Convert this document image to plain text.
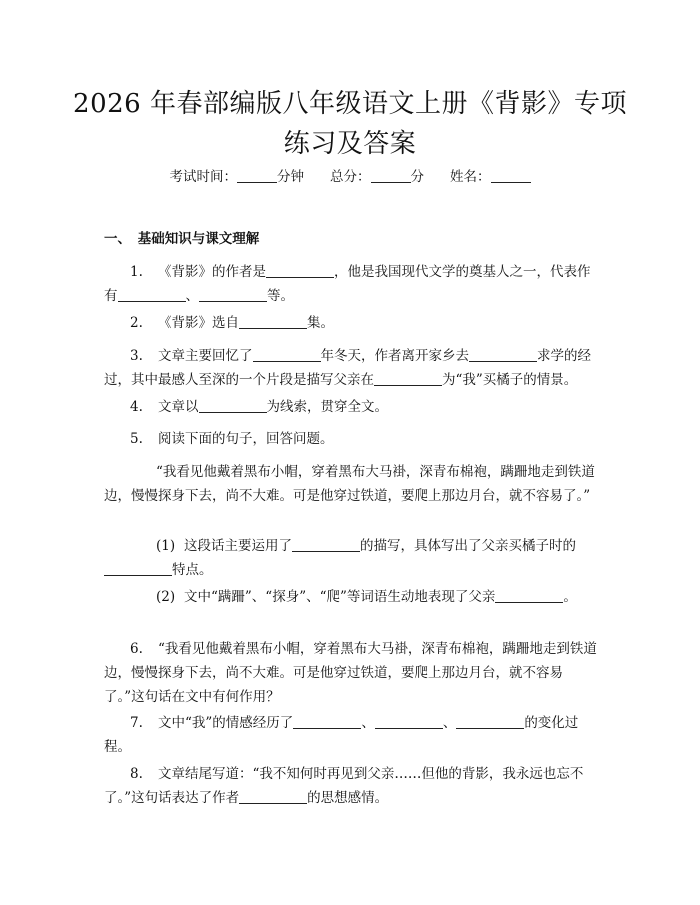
2026 年春部编版八年级语文上册《背影》专项练习及答案
考试时间：	分钟 总分：	分 姓名：
一、　基础知识与课文理解

1. 《背影》的作者是	，他是我国现代文学的奠基人之一，代表作有	、	等。

2. 《背影》选自	集。

3. 文章主要回忆了	年冬天，作者离开家乡去	求学的经过，其中最感人至深的一个片段是描写父亲在	为“我”买橘子的情景。

4. 文章以	为线索，贯穿全文。

5. 阅读下面的句子，回答问题。

“我看见他戴着黑布小帽，穿着黑布大马褂，深青布棉袍，蹒跚地走到铁道边，慢慢探身下去，尚不大难。可是他穿过铁道，要爬上那边月台，就不容易了。”

(1) 这段话主要运用了	的描写，具体写出了父亲买橘子时的特点。

(2) 文中“蹒跚”、“探身”、“爬”等词语生动地表现了父亲	。

6. “我看见他戴着黑布小帽，穿着黑布大马褂，深青布棉袍，蹒跚地走到铁道边，慢慢探身下去，尚不大难。可是他穿过铁道，要爬上那边月台，就不容易了。”这句话在文中有何作用？

7. 文中“我”的情感经历了	、	、	的变化过程。

8. 文章结尾写道：“我不知何时再见到父亲……但他的背影，我永远也忘不了。”这句话表达了作者	的思想感情。
